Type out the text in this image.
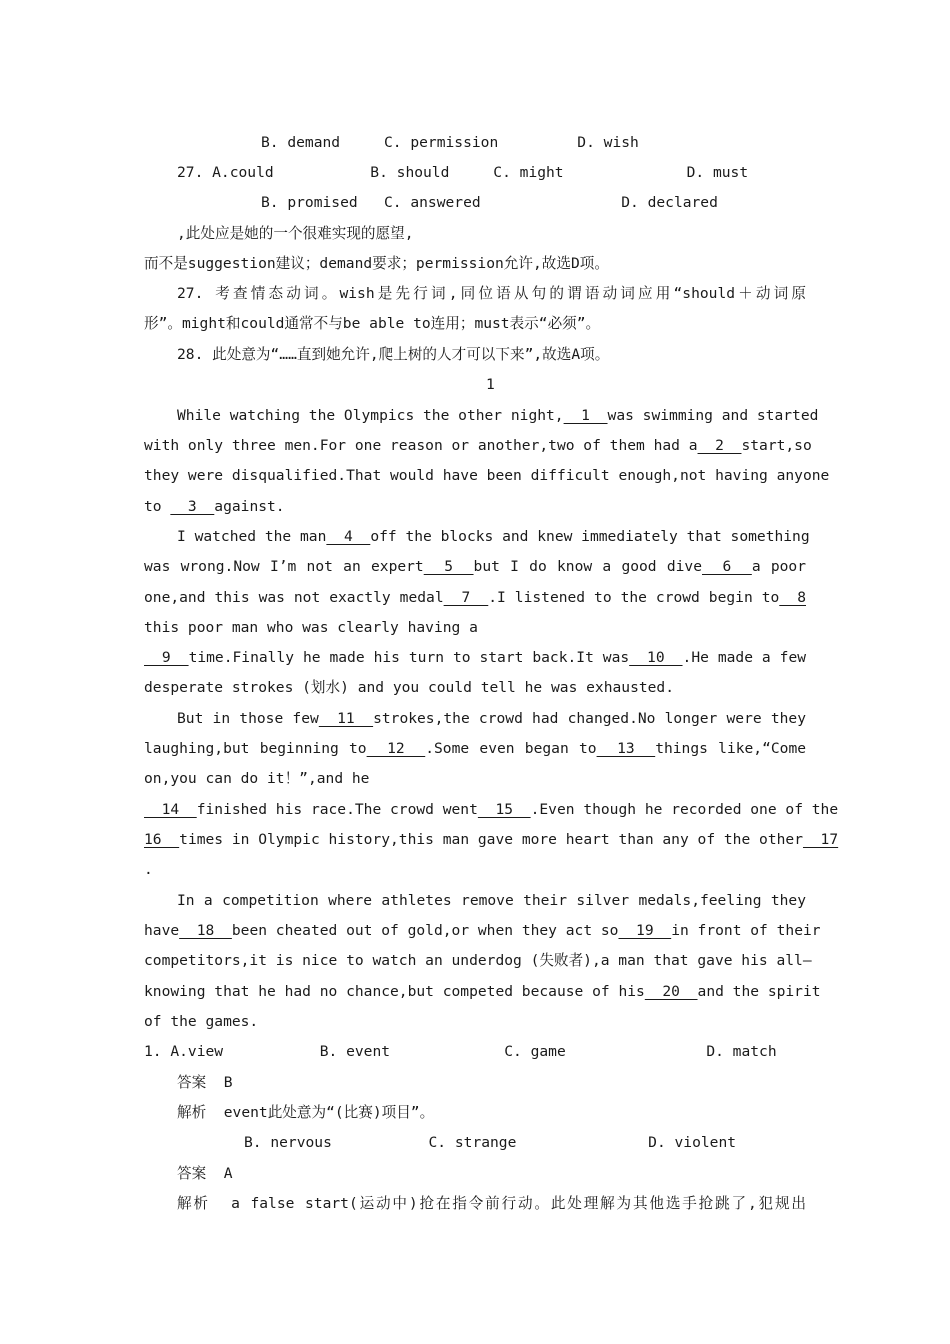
B. demand     C. permission         D. wish
27. A.could           B. should     C. might              D. must
B. promised   C. answered                D. declared
,此处应是她的一个很难实现的愿望,
而不是suggestion建议；demand要求；permission允许,故选D项。
27. 考查情态动词。wish是先行词,同位语从句的谓语动词应用“should＋动词原
形”。might和could通常不与be able to连用；must表示“必须”。
28. 此处意为“……直到她允许,爬上树的人才可以下来”,故选A项。
1
While watching the Olympics the other night,  1  was swimming and started
with only three men.For one reason or another,two of them had a  2  start,so
they were disqualified.That would have been difficult enough,not having anyone
to   3  against.
I watched the man  4  off the blocks and knew immediately that something
was wrong.Now I’m not an expert  5  but I do know a good dive  6  a poor
one,and this was not exactly medal  7  .I listened to the crowd begin to  8
this poor man who was clearly having a
9  time.Finally he made his turn to start back.It was  10  .He made a few
desperate strokes (划水) and you could tell he was exhausted.
But in those few  11  strokes,the crowd had changed.No longer were they
laughing,but beginning to  12  .Some even began to  13  things like,“Come
on,you can do it！”,and he
14  finished his race.The crowd went  15  .Even though he recorded one of the
16  times in Olympic history,this man gave more heart than any of the other  17
.
In a competition where athletes remove their silver medals,feeling they
have  18  been cheated out of gold,or when they act so  19  in front of their
competitors,it is nice to watch an underdog (失败者),a man that gave his all—
knowing that he had no chance,but competed because of his  20  and the spirit
of the games.
1. A.view           B. event             C. game                D. match
答案  B
解析  event此处意为“(比赛)项目”。
B. nervous           C. strange               D. violent
答案  A
解析  a false start(运动中)抢在指令前行动。此处理解为其他选手抢跳了,犯规出
